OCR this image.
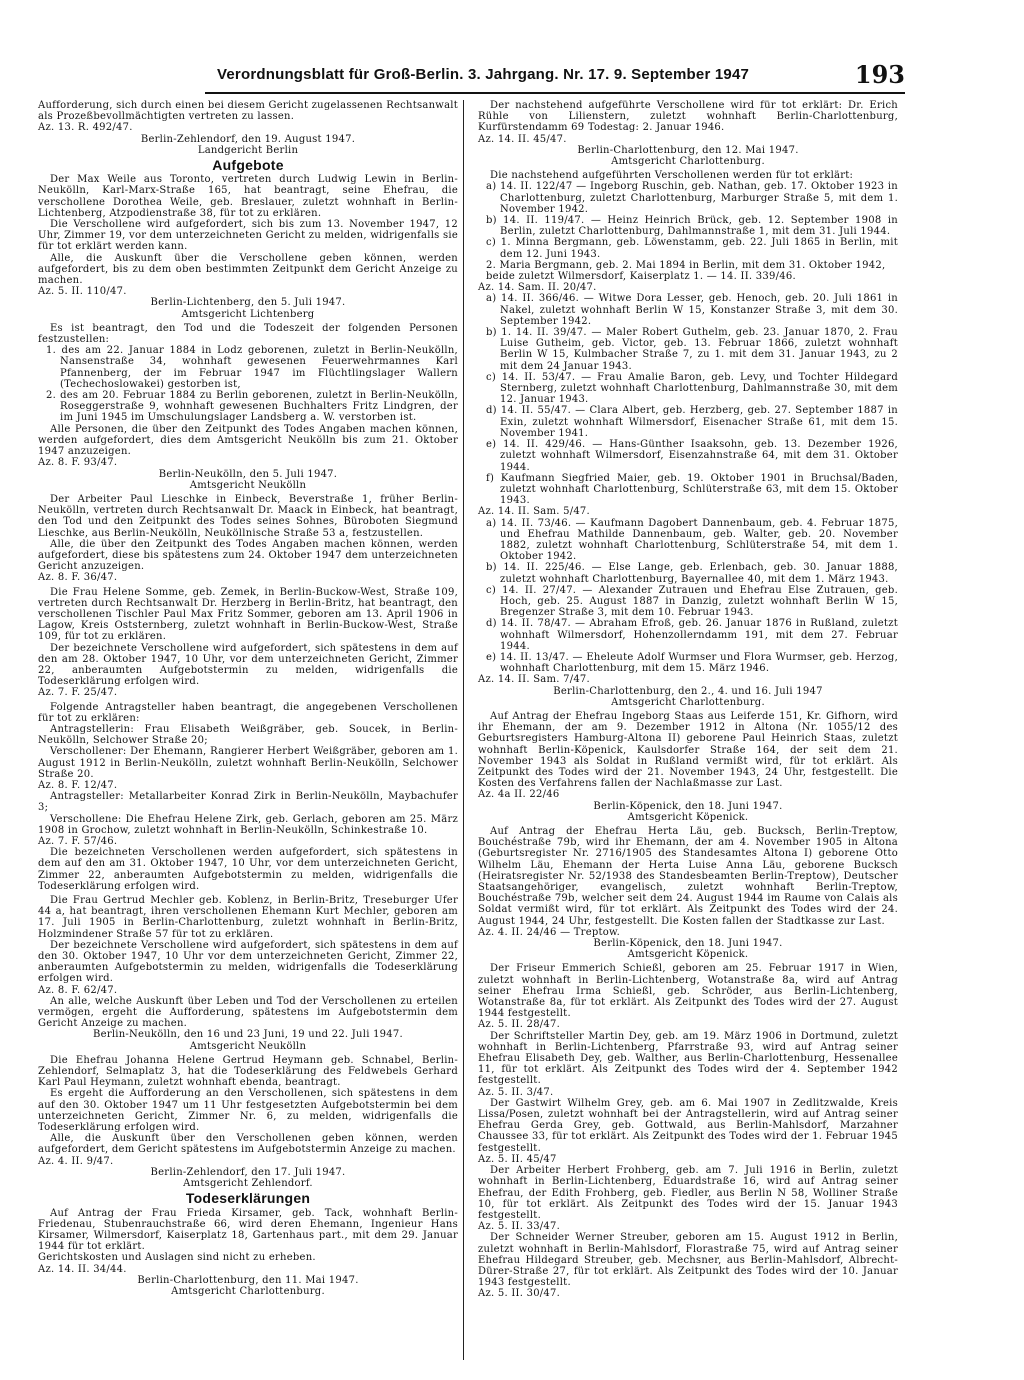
Verordnungsblatt für Groß-Berlin. 3. Jahrgang. Nr. 17. 9. September 1947	193

Aufforderung, sich durch einen bei diesem Gericht zugelassenen Rechtsanwalt als Prozeßbevollmächtigten vertreten zu lassen.

Az. 13. R. 492/47.

Berlin-Zehlendorf, den 19. August 1947.

Landgericht Berlin

Aufgebote

Der Max Weile aus Toronto, vertreten durch Ludwig Lewin in Berlin-Neukölln, Karl-Marx-Straße 165, hat beantragt, seine Ehefrau, die verschollene Dorothea Weile, geb. Breslauer, zuletzt wohnhaft in Berlin-Lichtenberg, Atzpodienstraße 38, für tot zu erklären.

Die Verschollene wird aufgefordert, sich bis zum 13. November 1947, 12 Uhr, Zimmer 19, vor dem unterzeichneten Gericht zu melden, widrigenfalls sie für tot erklärt werden kann.

Alle, die Auskunft über die Verschollene geben können, werden aufgefordert, bis zu dem oben bestimmten Zeitpunkt dem Gericht Anzeige zu machen.

Az. 5. II. 110/47.

Berlin-Lichtenberg, den 5. Juli 1947.

Amtsgericht Lichtenberg

Es ist beantragt, den Tod und die Todeszeit der folgenden Personen festzustellen:

1. des am 22. Januar 1884 in Lodz geborenen, zuletzt in Berlin-Neukölln, Nansenstraße 34, wohnhaft gewesenen Feuerwehrmannes Karl Pfannenberg, der im Februar 1947 im Flüchtlingslager Wallern (Techechoslowakei) gestorben ist,

2. des am 20. Februar 1884 zu Berlin geborenen, zuletzt in Berlin-Neukölln, Roseggerstraße 9, wohnhaft gewesenen Buchhalters Fritz Lindgren, der im Juni 1945 im Umschulungslager Landsberg a. W. verstorben ist.

Alle Personen, die über den Zeitpunkt des Todes Angaben machen können, werden aufgefordert, dies dem Amtsgericht Neukölln bis zum 21. Oktober 1947 anzuzeigen.

Az. 8. F. 93/47.

Berlin-Neukölln, den 5. Juli 1947.

Amtsgericht Neukölln

Der Arbeiter Paul Lieschke in Einbeck, Beverstraße 1, früher Berlin-Neukölln, vertreten durch Rechtsanwalt Dr. Maack in Einbeck, hat beantragt, den Tod und den Zeitpunkt des Todes seines Sohnes, Büroboten Siegmund Lieschke, aus Berlin-Neukölln, Neuköllnische Straße 53 a, festzustellen.

Alle, die über den Zeitpunkt des Todes Angaben machen können, werden aufgefordert, diese bis spätestens zum 24. Oktober 1947 dem unterzeichneten Gericht anzuzeigen.

Az. 8. F. 36/47.

Die Frau Helene Somme, geb. Zemek, in Berlin-Buckow-West, Straße 109, vertreten durch Rechtsanwalt Dr. Herzberg in Berlin-Britz, hat beantragt, den verschollenen Tischler Paul Max Fritz Sommer, geboren am 13. April 1906 in Lagow, Kreis Oststernberg, zuletzt wohnhaft in Berlin-Buckow-West, Straße 109, für tot zu erklären.

Der bezeichnete Verschollene wird aufgefordert, sich spätestens in dem auf den am 28. Oktober 1947, 10 Uhr, vor dem unterzeichneten Gericht, Zimmer 22, anberaumten Aufgebotstermin zu melden, widrigenfalls die Todeserklärung erfolgen wird.

Az. 7. F. 25/47.

Folgende Antragsteller haben beantragt, die angegebenen Verschollenen für tot zu erklären:

Antragstellerin: Frau Elisabeth Weißgräber, geb. Soucek, in Berlin-Neukölln, Selchower Straße 20;

Verschollener: Der Ehemann, Rangierer Herbert Weißgräber, geboren am 1. August 1912 in Berlin-Neukölln, zuletzt wohnhaft Berlin-Neukölln, Selchower Straße 20.

Az. 8. F. 12/47.

Antragsteller: Metallarbeiter Konrad Zirk in Berlin-Neukölln, Maybachufer 3;

Verschollene: Die Ehefrau Helene Zirk, geb. Gerlach, geboren am 25. März 1908 in Grochow, zuletzt wohnhaft in Berlin-Neukölln, Schinkestraße 10.

Az. 7. F. 57/46.

Die bezeichneten Verschollenen werden aufgefordert, sich spätestens in dem auf den am 31. Oktober 1947, 10 Uhr, vor dem unterzeichneten Gericht, Zimmer 22, anberaumten Aufgebotstermin zu melden, widrigenfalls die Todeserklärung erfolgen wird.

Die Frau Gertrud Mechler geb. Koblenz, in Berlin-Britz, Treseburger Ufer 44 a, hat beantragt, ihren verschollenen Ehemann Kurt Mechler, geboren am 17. Juli 1905 in Berlin-Charlottenburg, zuletzt wohnhaft in Berlin-Britz, Holzmindener Straße 57 für tot zu erklären.

Der bezeichnete Verschollene wird aufgefordert, sich spätestens in dem auf den 30. Oktober 1947, 10 Uhr vor dem unterzeichneten Gericht, Zimmer 22, anberaumten Aufgebotstermin zu melden, widrigenfalls die Todeserklärung erfolgen wird.

Az. 8. F. 62/47.

An alle, welche Auskunft über Leben und Tod der Verschollenen zu erteilen vermögen, ergeht die Aufforderung, spätestens im Aufgebotstermin dem Gericht Anzeige zu machen.

Berlin-Neukölln, den 16 und 23 Juni, 19 und 22. Juli 1947.

Amtsgericht Neukölln

Die Ehefrau Johanna Helene Gertrud Heymann geb. Schnabel, Berlin-Zehlendorf, Selmaplatz 3, hat die Todeserklärung des Feldwebels Gerhard Karl Paul Heymann, zuletzt wohnhaft ebenda, beantragt.

Es ergeht die Aufforderung an den Verschollenen, sich spätestens in dem auf den 30. Oktober 1947 um 11 Uhr festgesetzten Aufgebotstermin bei dem unterzeichneten Gericht, Zimmer Nr. 6, zu melden, widrigenfalls die Todeserklärung erfolgen wird.

Alle, die Auskunft über den Verschollenen geben können, werden aufgefordert, dem Gericht spätestens im Aufgebotstermin Anzeige zu machen.

Az. 4. II. 9/47.

Berlin-Zehlendorf, den 17. Juli 1947.

Amtsgericht Zehlendorf.

Todeserklärungen

Auf Antrag der Frau Frieda Kirsamer, geb. Tack, wohnhaft Berlin-Friedenau, Stubenrauchstraße 66, wird deren Ehemann, Ingenieur Hans Kirsamer, Wilmersdorf, Kaiserplatz 18, Gartenhaus part., mit dem 29. Januar 1944 für tot erklärt.

Gerichtskosten und Auslagen sind nicht zu erheben.

Az. 14. II. 34/44.

Berlin-Charlottenburg, den 11. Mai 1947.

Amtsgericht Charlottenburg.

Der nachstehend aufgeführte Verschollene wird für tot erklärt: Dr. Erich Rühle von Lilienstern, zuletzt wohnhaft Berlin-Charlottenburg, Kurfürstendamm 69 Todestag: 2. Januar 1946.

Az. 14. II. 45/47.

Berlin-Charlottenburg, den 12. Mai 1947.

Amtsgericht Charlottenburg.

Die nachstehend aufgeführten Verschollenen werden für tot erklärt:

a) 14. II. 122/47 — Ingeborg Ruschin, geb. Nathan, geb. 17. Oktober 1923 in Charlottenburg, zuletzt Charlottenburg, Marburger Straße 5, mit dem 1. November 1942.

b) 14. II. 119/47. — Heinz Heinrich Brück, geb. 12. September 1908 in Berlin, zuletzt Charlottenburg, Dahlmannstraße 1, mit dem 31. Juli 1944.

c) 1. Minna Bergmann, geb. Löwenstamm, geb. 22. Juli 1865 in Berlin, mit dem 12. Juni 1943.

2. Maria Bergmann, geb. 2. Mai 1894 in Berlin, mit dem 31. Oktober 1942,

beide zuletzt Wilmersdorf, Kaiserplatz 1. — 14. II. 339/46.

Az. 14. Sam. II. 20/47.

a) 14. II. 366/46. — Witwe Dora Lesser, geb. Henoch, geb. 20. Juli 1861 in Nakel, zuletzt wohnhaft Berlin W 15, Konstanzer Straße 3, mit dem 30. September 1942.

b) 1. 14. II. 39/47. — Maler Robert Guthelm, geb. 23. Januar 1870, 2. Frau Luise Gutheim, geb. Victor, geb. 13. Februar 1866, zuletzt wohnhaft Berlin W 15, Kulmbacher Straße 7, zu 1. mit dem 31. Januar 1943, zu 2 mit dem 24 Januar 1943.

c) 14. II. 53/47. — Frau Amalie Baron, geb. Levy, und Tochter Hildegard Sternberg, zuletzt wohnhaft Charlottenburg, Dahlmannstraße 30, mit dem 12. Januar 1943.

d) 14. II. 55/47. — Clara Albert, geb. Herzberg, geb. 27. September 1887 in Exin, zuletzt wohnhaft Wilmersdorf, Eisenacher Straße 61, mit dem 15. November 1941.

e) 14. II. 429/46. — Hans-Günther Isaaksohn, geb. 13. Dezember 1926, zuletzt wohnhaft Wilmersdorf, Eisenzahnstraße 64, mit dem 31. Oktober 1944.

f) Kaufmann Siegfried Maier, geb. 19. Oktober 1901 in Bruchsal/Baden, zuletzt wohnhaft Charlottenburg, Schlüterstraße 63, mit dem 15. Oktober 1943.

Az. 14. II. Sam. 5/47.

a) 14. II. 73/46. — Kaufmann Dagobert Dannenbaum, geb. 4. Februar 1875, und Ehefrau Mathilde Dannenbaum, geb. Walter, geb. 20. November 1882, zuletzt wohnhaft Charlottenburg, Schlüterstraße 54, mit dem 1. Oktober 1942.

b) 14. II. 225/46. — Else Lange, geb. Erlenbach, geb. 30. Januar 1888, zuletzt wohnhaft Charlottenburg, Bayernallee 40, mit dem 1. März 1943.

c) 14. II. 27/47. — Alexander Zutrauen und Ehefrau Else Zutrauen, geb. Hoch, geb. 25. August 1887 in Danzig, zuletzt wohnhaft Berlin W 15, Bregenzer Straße 3, mit dem 10. Februar 1943.

d) 14. II. 78/47. — Abraham Efroß, geb. 26. Januar 1876 in Rußland, zuletzt wohnhaft Wilmersdorf, Hohenzollerndamm 191, mit dem 27. Februar 1944.

e) 14. II. 13/47. — Eheleute Adolf Wurmser und Flora Wurmser, geb. Herzog, wohnhaft Charlottenburg, mit dem 15. März 1946.

Az. 14. II. Sam. 7/47.

Berlin-Charlottenburg, den 2., 4. und 16. Juli 1947

Amtsgericht Charlottenburg.

Auf Antrag der Ehefrau Ingeborg Staas aus Leiferde 151, Kr. Gifhorn, wird ihr Ehemann, der am 9. Dezember 1912 in Altona (Nr. 1055/12 des Geburtsregisters Hamburg-Altona II) geborene Paul Heinrich Staas, zuletzt wohnhaft Berlin-Köpenick, Kaulsdorfer Straße 164, der seit dem 21. November 1943 als Soldat in Rußland vermißt wird, für tot erklärt. Als Zeitpunkt des Todes wird der 21. November 1943, 24 Uhr, festgestellt. Die Kosten des Verfahrens fallen der Nachlaßmasse zur Last.

Az. 4a II. 22/46

Berlin-Köpenick, den 18. Juni 1947.

Amtsgericht Köpenick.

Auf Antrag der Ehefrau Herta Läu, geb. Bucksch, Berlin-Treptow, Bouchéstraße 79b, wird ihr Ehemann, der am 4. November 1905 in Altona (Geburtsregister Nr. 2716/1905 des Standesamtes Altona I) geborene Otto Wilhelm Läu, Ehemann der Herta Luise Anna Läu, geborene Bucksch (Heiratsregister Nr. 52/1938 des Standesbeamten Berlin-Treptow), Deutscher Staatsangehöriger, evangelisch, zuletzt wohnhaft Berlin-Treptow, Bouchéstraße 79b, welcher seit dem 24. August 1944 im Raume von Calais als Soldat vermißt wird, für tot erklärt. Als Zeitpunkt des Todes wird der 24. August 1944, 24 Uhr, festgestellt. Die Kosten fallen der Stadtkasse zur Last.

Az. 4. II. 24/46 — Treptow.

Berlin-Köpenick, den 18. Juni 1947.

Amtsgericht Köpenick.

Der Friseur Emmerich Schießl, geboren am 25. Februar 1917 in Wien, zuletzt wohnhaft in Berlin-Lichtenberg, Wotanstraße 8a, wird auf Antrag seiner Ehefrau Irma Schießl, geb. Schröder, aus Berlin-Lichtenberg, Wotanstraße 8a, für tot erklärt. Als Zeitpunkt des Todes wird der 27. August 1944 festgestellt.

Az. 5. II. 28/47.

Der Schriftsteller Martin Dey, geb. am 19. März 1906 in Dortmund, zuletzt wohnhaft in Berlin-Lichtenberg, Pfarrstraße 93, wird auf Antrag seiner Ehefrau Elisabeth Dey, geb. Walther, aus Berlin-Charlottenburg, Hessenallee 11, für tot erklärt. Als Zeitpunkt des Todes wird der 4. September 1942 festgestellt.

Az. 5. II. 3/47.

Der Gastwirt Wilhelm Grey, geb. am 6. Mai 1907 in Zedlitzwalde, Kreis Lissa/Posen, zuletzt wohnhaft bei der Antragstellerin, wird auf Antrag seiner Ehefrau Gerda Grey, geb. Gottwald, aus Berlin-Mahlsdorf, Marzahner Chaussee 33, für tot erklärt. Als Zeitpunkt des Todes wird der 1. Februar 1945 festgestellt.

Az. 5. II. 45/47

Der Arbeiter Herbert Frohberg, geb. am 7. Juli 1916 in Berlin, zuletzt wohnhaft in Berlin-Lichtenberg, Eduardstraße 16, wird auf Antrag seiner Ehefrau, der Edith Frohberg, geb. Fiedler, aus Berlin N 58, Wolliner Straße 10, für tot erklärt. Als Zeitpunkt des Todes wird der 15. Januar 1943 festgestellt.

Az. 5. II. 33/47.

Der Schneider Werner Streuber, geboren am 15. August 1912 in Berlin, zuletzt wohnhaft in Berlin-Mahlsdorf, Florastraße 75, wird auf Antrag seiner Ehefrau Hildegard Streuber, geb. Mechsner, aus Berlin-Mahlsdorf, Albrecht-Dürer-Straße 27, für tot erklärt. Als Zeitpunkt des Todes wird der 10. Januar 1943 festgestellt.

Az. 5. II. 30/47.
